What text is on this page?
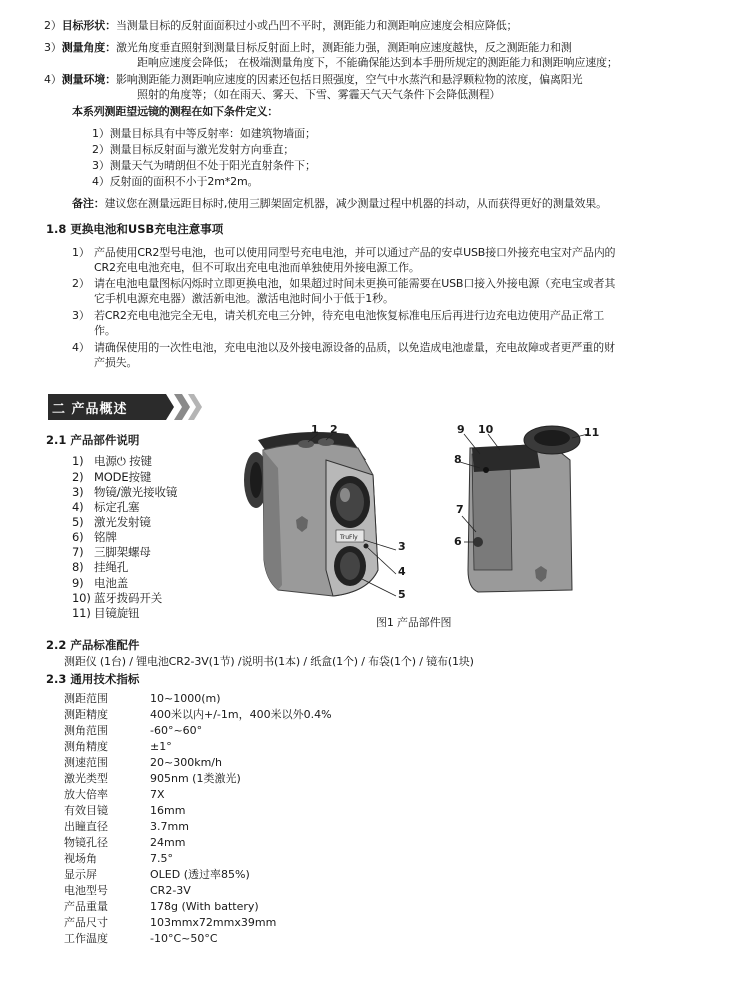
2）目标形状：当测量目标的反射面面积过小或凸凹不平时，测距能力和测距响应速度会相应降低；
3）测量角度：激光角度垂直照射到测量目标反射面上时，测距能力强，测距响应速度越快，反之测距能力和测
距响应速度会降低； 在极端测量角度下，不能确保能达到本手册所规定的测距能力和测距响应速度；
4）测量环境：影响测距能力测距响应速度的因素还包括日照强度，空气中水蒸汽和悬浮颗粒物的浓度，偏离阳光
照射的角度等；（如在雨天、雾天、下雪、雾霾天气天气条件下会降低测程）
本系列测距望远镜的测程在如下条件定义：
1）测量目标具有中等反射率：如建筑物墙面；
2）测量目标反射面与激光发射方向垂直；
3）测量天气为晴朗但不处于阳光直射条件下；
4）反射面的面积不小于2m*2m。
备注：建议您在测量远距目标时,使用三脚架固定机器，减少测量过程中机器的抖动，从而获得更好的测量效果。
1.8 更换电池和USB充电注意事项
1） 产品使用CR2型号电池，也可以使用同型号充电电池，并可以通过产品的安卓USB接口外接充电宝对产品内的
CR2充电电池充电，但不可取出充电电池而单独使用外接电源工作。
2） 请在电池电量图标闪烁时立即更换电池，如果超过时间未更换可能需要在USB口接入外接电源（充电宝或者其
它手机电源充电器）激活新电池。激活电池时间小于低于1秒。
3） 若CR2充电电池完全无电，请关机充电三分钟，待充电电池恢复标准电压后再进行边充电边使用产品正常工
作。
4） 请确保使用的一次性电池，充电电池以及外接电源设备的品质，以免造成电池虚量，充电故障或者更严重的财
产损失。
二 产品概述
2.1 产品部件说明
1) 电源⏻ 按键
2) MODE按键
3) 物镜/激光接收镜
4) 标定孔塞
5) 激光发射镜
6) 铭牌
7) 三脚架螺母
8) 挂绳孔
9) 电池盖
10) 蓝牙拨码开关
11) 目镜旋钮
TruFly
1 2
3
4
5
9 10	11
8
7
6
图1 产品部件图
2.2 产品标准配件
测距仪 (1台) / 锂电池CR2-3V(1节) /说明书(1本) / 纸盒(1个) / 布袋(1个) / 镜布(1块)
2.3 通用技术指标
测距范围	10~1000(m)
测距精度	400米以内+/-1m，400米以外0.4%
测角范围	-60°~60°
测角精度	±1°
测速范围	20~300km/h
激光类型	905nm (1类激光)
放大倍率	7X
有效目镜	16mm
出瞳直径	3.7mm
物镜孔径	24mm
视场角	7.5°
显示屏	OLED (透过率85%)
电池型号	CR2-3V
产品重量	178g (With battery)
产品尺寸	103mmx72mmx39mm
工作温度	-10°C~50°C
